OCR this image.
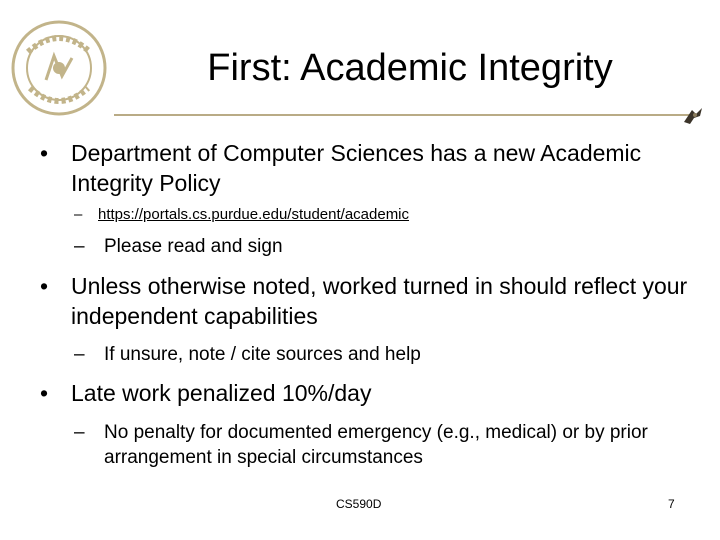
First: Academic Integrity
• Department of Computer Sciences has a new Academic Integrity Policy
–	https://portals.cs.purdue.edu/student/academic
–	Please read and sign
• Unless otherwise noted, worked turned in should reflect your independent capabilities
–	If unsure, note / cite sources and help
• Late work penalized 10%/day
–	No penalty for documented emergency (e.g., medical) or by prior arrangement in special circumstances
CS590D	7
